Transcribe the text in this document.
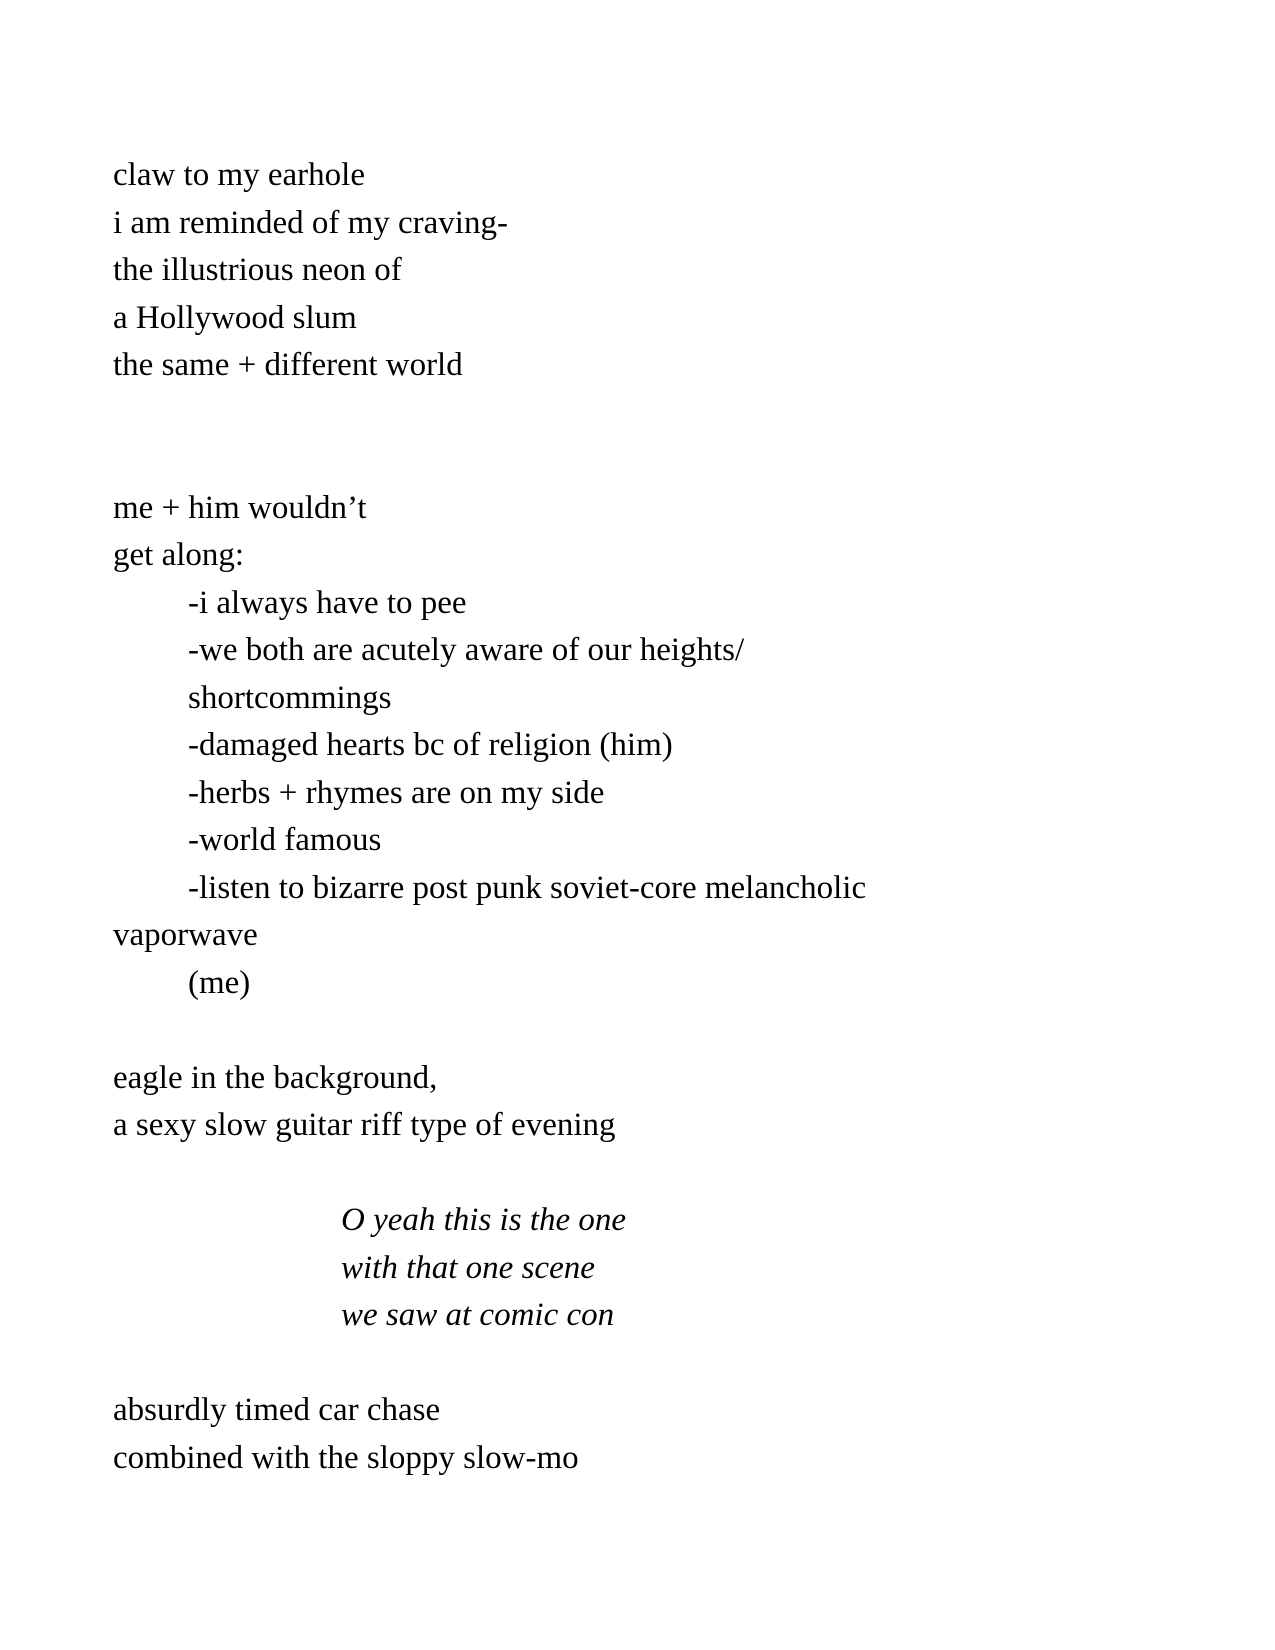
claw to my earhole
i am reminded of my craving-
the illustrious neon of
a Hollywood slum
the same + different world
me + him wouldn’t
get along:
-i always have to pee
-we both are acutely aware of our heights/
shortcommings
-damaged hearts bc of religion (him)
-herbs + rhymes are on my side
-world famous
-listen to bizarre post punk soviet-core melancholic
vaporwave
(me)
eagle in the background,
a sexy slow guitar riff type of evening
O yeah this is the one
with that one scene
we saw at comic con
absurdly timed car chase
combined with the sloppy slow-mo
